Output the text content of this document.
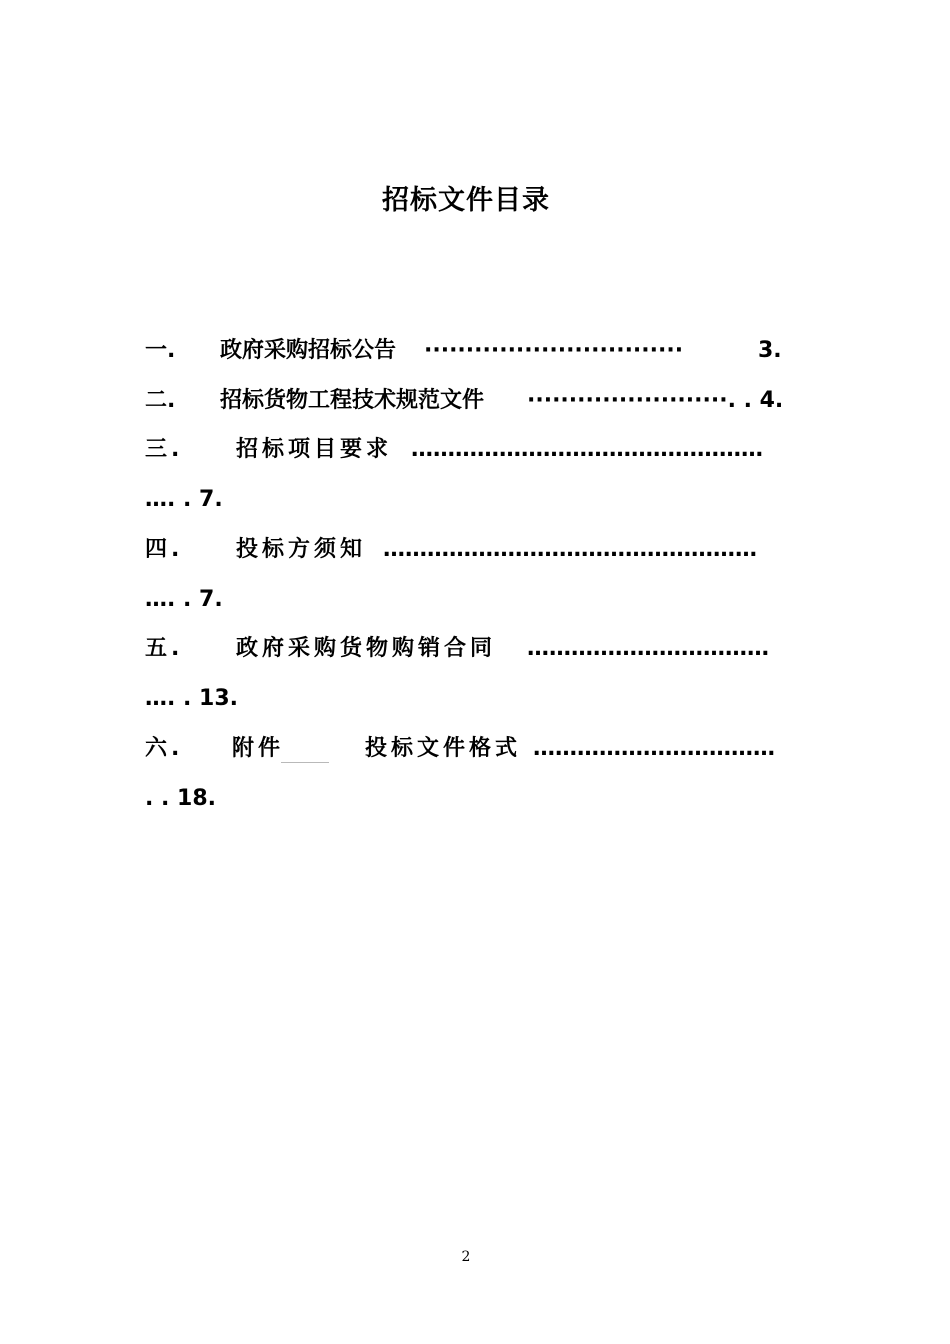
招标文件目录
一. 政府采购招标公告 ·······························	3.
二. 招标货物工程技术规范文件 ························. . 4.
三. 招标项目要求 …………………………………………
…. . 7.
四. 投标方须知 ……………………………………………
…. . 7.
五. 政府采购货物购销合同 ……………………………
…. . 13.
六. 附件	投标文件格式 ……………………………
. . 18.
2
